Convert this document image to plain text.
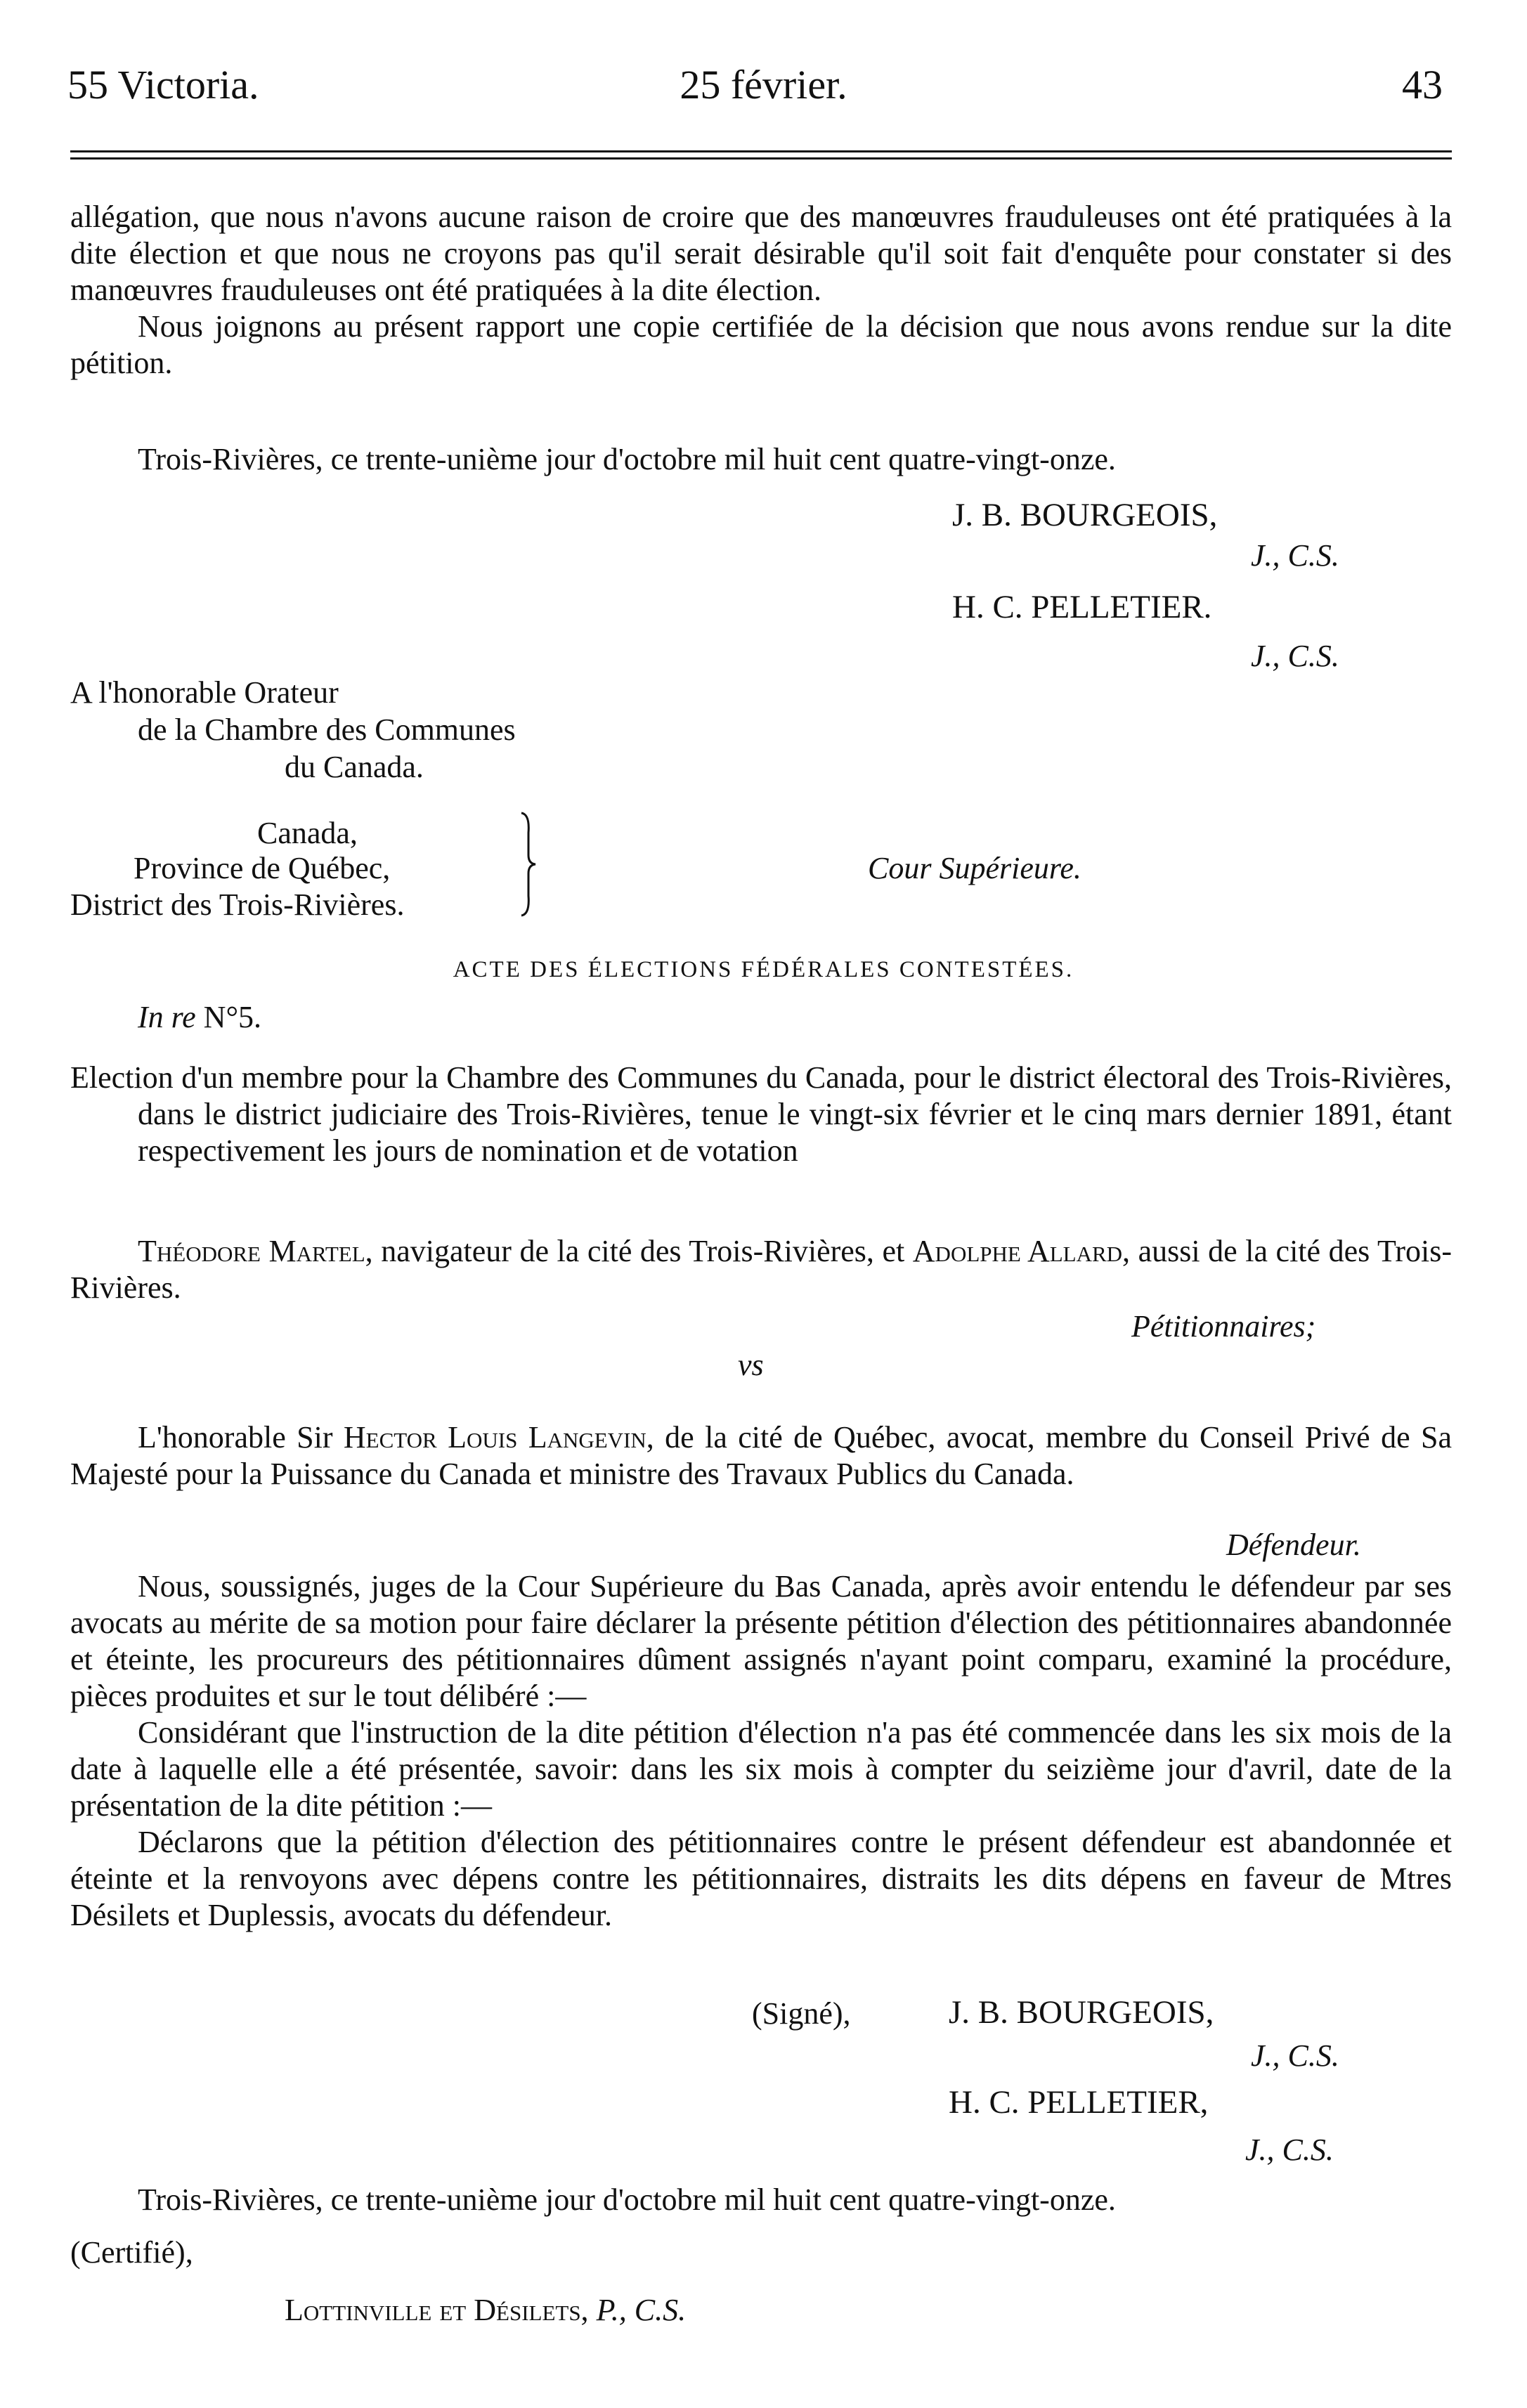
55 Victoria.	25 février.	43

allégation, que nous n'avons aucune raison de croire que des manœuvres frauduleuses ont été pratiquées à la dite élection et que nous ne croyons pas qu'il serait désirable qu'il soit fait d'enquête pour constater si des manœuvres frauduleuses ont été pratiquées à la dite élection.

Nous joignons au présent rapport une copie certifiée de la décision que nous avons rendue sur la dite pétition.

Trois-Rivières, ce trente-unième jour d'octobre mil huit cent quatre-vingt-onze.
J. B. BOURGEOIS,
J., C.S.
H. C. PELLETIER.
J., C.S.
A l'honorable Orateur
de la Chambre des Communes
du Canada.
Canada,
Province de Québec,
District des Trois-Rivières.
Cour Supérieure.
ACTE DES ÉLECTIONS FÉDÉRALES CONTESTÉES.
In re N°5.

Election d'un membre pour la Chambre des Communes du Canada, pour le district électoral des Trois-Rivières, dans le district judiciaire des Trois-Rivières, tenue le vingt-six février et le cinq mars dernier 1891, étant respectivement les jours de nomination et de votation

Théodore Martel, navigateur de la cité des Trois-Rivières, et Adolphe Allard, aussi de la cité des Trois-Rivières.

Pétitionnaires;
vs

L'honorable Sir Hector Louis Langevin, de la cité de Québec, avocat, membre du Conseil Privé de Sa Majesté pour la Puissance du Canada et ministre des Travaux Publics du Canada.

Défendeur.

Nous, soussignés, juges de la Cour Supérieure du Bas Canada, après avoir entendu le défendeur par ses avocats au mérite de sa motion pour faire déclarer la présente pétition d'élection des pétitionnaires abandonnée et éteinte, les procureurs des pétitionnaires dûment assignés n'ayant point comparu, examiné la procédure, pièces produites et sur le tout délibéré :—

Considérant que l'instruction de la dite pétition d'élection n'a pas été commencée dans les six mois de la date à laquelle elle a été présentée, savoir: dans les six mois à compter du seizième jour d'avril, date de la présentation de la dite pétition :—

Déclarons que la pétition d'élection des pétitionnaires contre le présent défendeur est abandonnée et éteinte et la renvoyons avec dépens contre les pétitionnaires, distraits les dits dépens en faveur de Mtres Désilets et Duplessis, avocats du défendeur.

(Signé),	J. B. BOURGEOIS,
J., C.S.
H. C. PELLETIER,
J., C.S.
Trois-Rivières, ce trente-unième jour d'octobre mil huit cent quatre-vingt-onze.
(Certifié),
Lottinville et Désilets, P., C.S.
